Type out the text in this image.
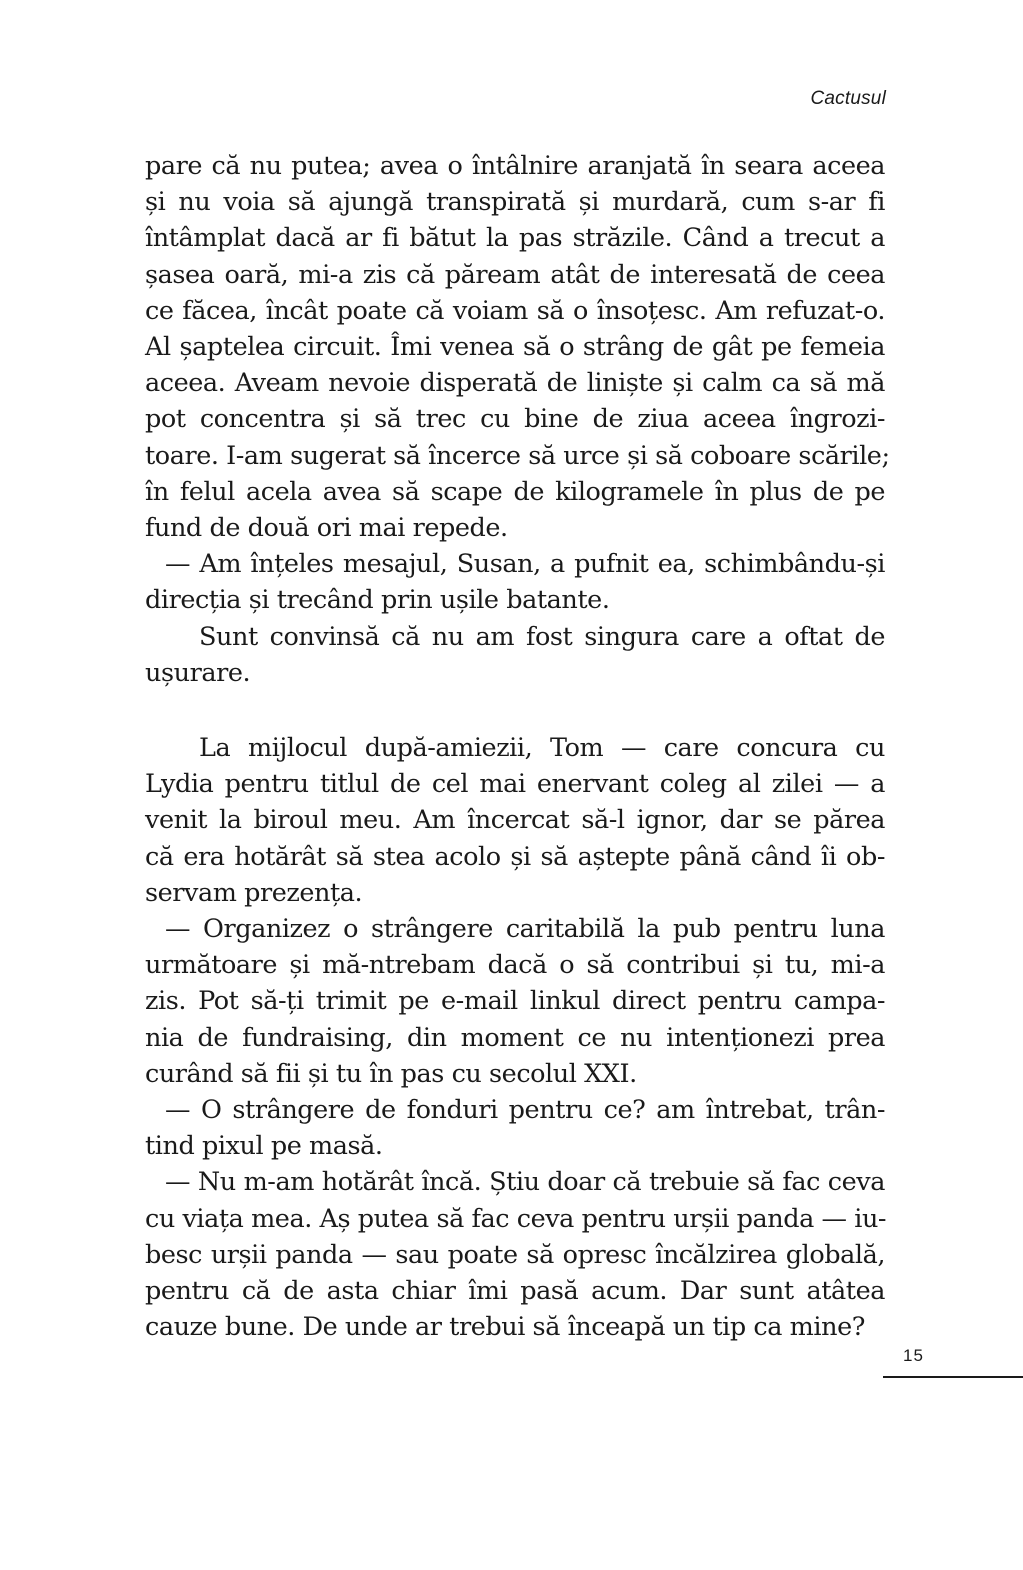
Cactusul

pare că nu putea; avea o întâlnire aranjată în seara aceea
și nu voia să ajungă transpirată și murdară, cum s-ar fi
întâmplat dacă ar fi bătut la pas străzile. Când a trecut a
șasea oară, mi-a zis că păream atât de interesată de ceea
ce făcea, încât poate că voiam să o însoțesc. Am refuzat-o.
Al șaptelea circuit. Îmi venea să o strâng de gât pe femeia
aceea. Aveam nevoie disperată de liniște și calm ca să mă
pot concentra și să trec cu bine de ziua aceea îngrozi-
toare. I-am sugerat să încerce să urce și să coboare scările;
în felul acela avea să scape de kilogramele în plus de pe
fund de două ori mai repede.
— Am înțeles mesajul, Susan, a pufnit ea, schimbându-și
direcția și trecând prin ușile batante.
Sunt convinsă că nu am fost singura care a oftat de
ușurare.
La mijlocul după-amiezii, Tom — care concura cu
Lydia pentru titlul de cel mai enervant coleg al zilei — a
venit la biroul meu. Am încercat să-l ignor, dar se părea
că era hotărât să stea acolo și să aștepte până când îi ob-
servam prezența.
— Organizez o strângere caritabilă la pub pentru luna
următoare și mă-ntrebam dacă o să contribui și tu, mi-a
zis. Pot să-ți trimit pe e-mail linkul direct pentru campa-
nia de fundraising, din moment ce nu intenționezi prea
curând să fii și tu în pas cu secolul XXI.
— O strângere de fonduri pentru ce? am întrebat, trân-
tind pixul pe masă.
— Nu m-am hotărât încă. Știu doar că trebuie să fac ceva
cu viața mea. Aș putea să fac ceva pentru urșii panda — iu-
besc urșii panda — sau poate să opresc încălzirea globală,
pentru că de asta chiar îmi pasă acum. Dar sunt atâtea
cauze bune. De unde ar trebui să înceapă un tip ca mine?
15
